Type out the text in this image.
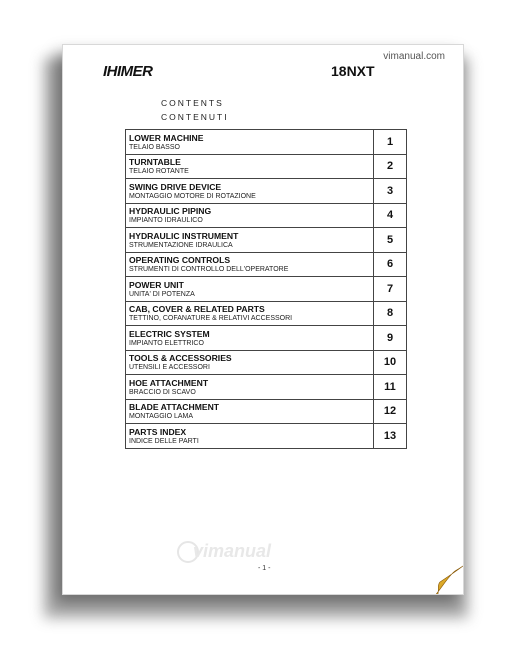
vimanual.com
IHIMER	18NXT
CONTENTS
CONTENUTI
LOWER MACHINE
TELAIO BASSO	1
TURNTABLE
TELAIO ROTANTE	2
SWING DRIVE DEVICE
MONTAGGIO MOTORE DI ROTAZIONE	3
HYDRAULIC PIPING
IMPIANTO IDRAULICO	4
HYDRAULIC INSTRUMENT
STRUMENTAZIONE IDRAULICA	5
OPERATING CONTROLS
STRUMENTI DI CONTROLLO DELL'OPERATORE	6
POWER UNIT
UNITA' DI POTENZA	7
CAB, COVER & RELATED PARTS
TETTINO, COFANATURE & RELATIVI ACCESSORI	8
ELECTRIC SYSTEM
IMPIANTO ELETTRICO	9
TOOLS & ACCESSORIES
UTENSILI E ACCESSORI	10
HOE ATTACHMENT
BRACCIO DI SCAVO	11
BLADE ATTACHMENT
MONTAGGIO LAMA	12
PARTS INDEX
INDICE DELLE PARTI	13
vimanual
- 1 -
